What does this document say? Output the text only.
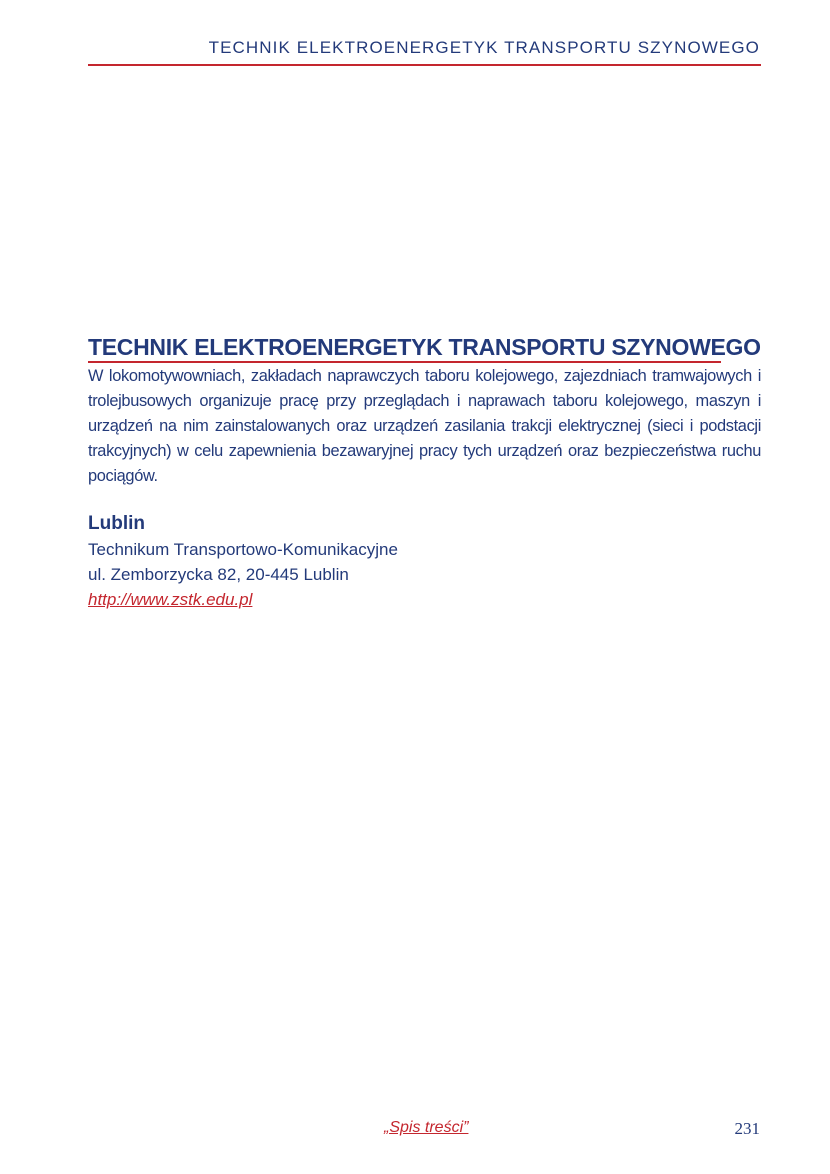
TECHNIK ELEKTROENERGETYK TRANSPORTU SZYNOWEGO
TECHNIK ELEKTROENERGETYK TRANSPORTU SZYNOWEGO

W lokomotywowniach, zakładach naprawczych taboru kolejowego, zajezdniach tramwajowych i trolejbusowych organizuje pracę przy przeglądach i naprawach taboru kolejowego, maszyn i urządzeń na nim zainstalowanych oraz urządzeń zasilania trakcji elektrycznej (sieci i podstacji trakcyjnych) w celu zapewnienia bezawaryjnej pracy tych urządzeń oraz bezpieczeństwa ruchu pociągów.

Lublin
Technikum Transportowo-Komunikacyjne
ul. Zemborzycka 82, 20-445 Lublin
http://www.zstk.edu.pl
„Spis treści”	231
